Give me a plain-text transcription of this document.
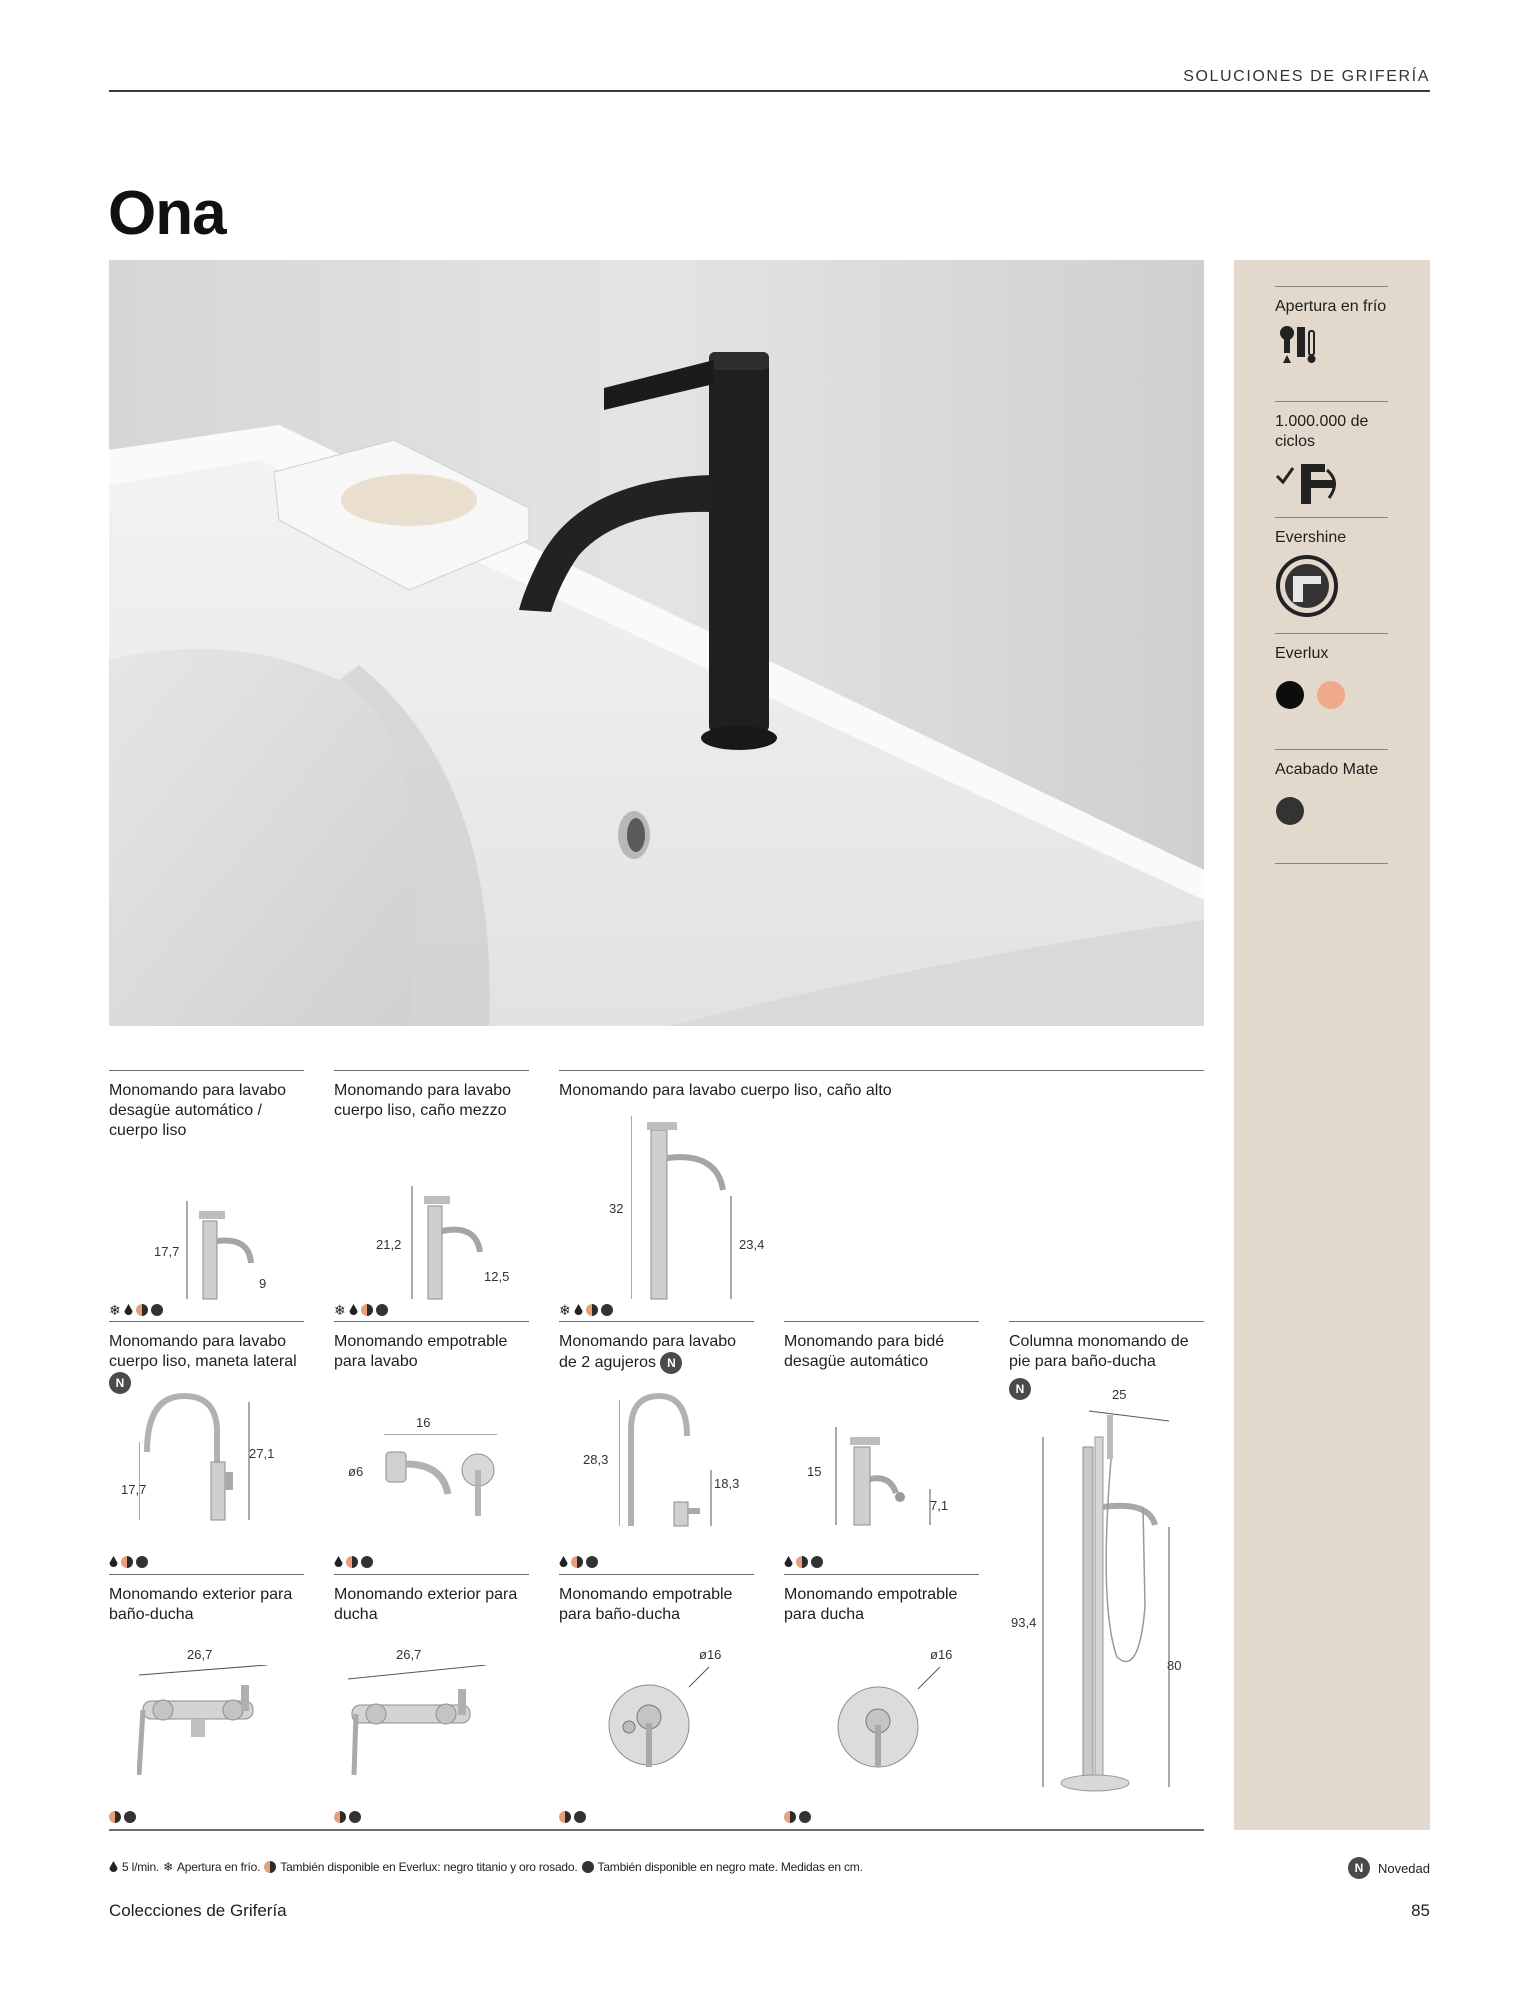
SOLUCIONES DE GRIFERÍA
Ona
Apertura en frío
1.000.000 de ciclos
Evershine
Everlux
Acabado Mate
Monomando para lavabo desagüe automático / cuerpo liso
17,7
9
❄
Monomando para lavabo cuerpo liso, caño mezzo
21,2
12,5
❄
Monomando para lavabo cuerpo liso, caño alto
32
23,4
❄
Monomando para lavabo cuerpo liso, maneta lateral N
27,1
17,7
Monomando empotrable para lavabo
16
ø6
Monomando para lavabo de 2 agujeros N
28,3
18,3
Monomando para bidé desagüe automático
15
7,1
Columna monomando de pie para baño-ducha
N	25
93,4
80
Monomando exterior para baño-ducha
26,7
Monomando exterior para ducha
26,7
Monomando empotrable para baño-ducha
ø16
Monomando empotrable para ducha
ø16
5 l/min. ❄ Apertura en frío. También disponible en Everlux: negro titanio y oro rosado. También disponible en negro mate. Medidas en cm.	N	Novedad
Colecciones de Grifería	85
